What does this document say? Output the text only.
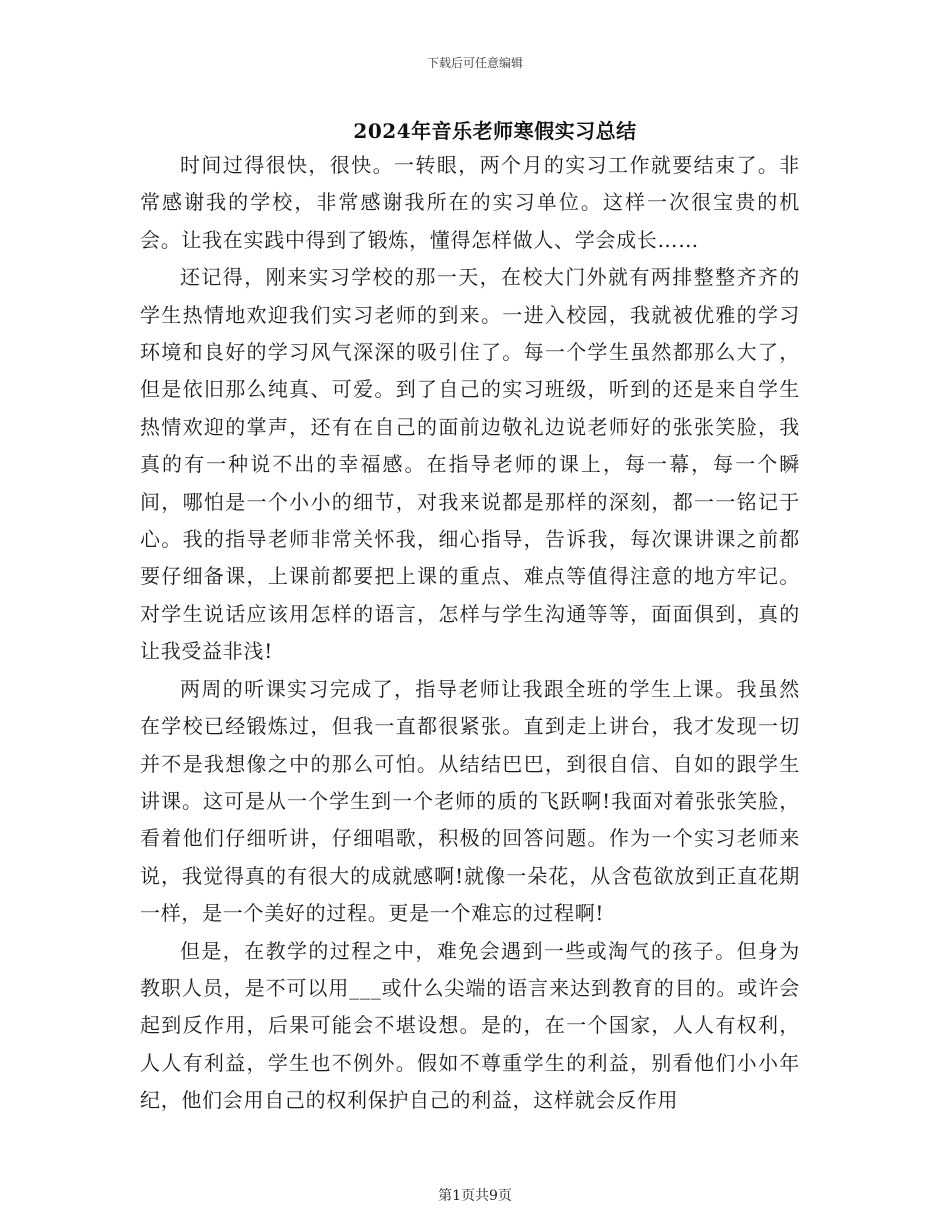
下载后可任意编辑
2024年音乐老师寒假实习总结

时间过得很快，很快。一转眼，两个月的实习工作就要结束了。非常感谢我的学校，非常感谢我所在的实习单位。这样一次很宝贵的机会。让我在实践中得到了锻炼，懂得怎样做人、学会成长……

还记得，刚来实习学校的那一天，在校大门外就有两排整整齐齐的学生热情地欢迎我们实习老师的到来。一进入校园，我就被优雅的学习环境和良好的学习风气深深的吸引住了。每一个学生虽然都那么大了，但是依旧那么纯真、可爱。到了自己的实习班级，听到的还是来自学生热情欢迎的掌声，还有在自己的面前边敬礼边说老师好的张张笑脸，我真的有一种说不出的幸福感。在指导老师的课上，每一幕，每一个瞬间，哪怕是一个小小的细节，对我来说都是那样的深刻，都一一铭记于心。我的指导老师非常关怀我，细心指导，告诉我，每次课讲课之前都要仔细备课，上课前都要把上课的重点、难点等值得注意的地方牢记。对学生说话应该用怎样的语言，怎样与学生沟通等等，面面俱到，真的让我受益非浅!

两周的听课实习完成了，指导老师让我跟全班的学生上课。我虽然在学校已经锻炼过，但我一直都很紧张。直到走上讲台，我才发现一切并不是我想像之中的那么可怕。从结结巴巴，到很自信、自如的跟学生讲课。这可是从一个学生到一个老师的质的飞跃啊!我面对着张张笑脸，看着他们仔细听讲，仔细唱歌，积极的回答问题。作为一个实习老师来说，我觉得真的有很大的成就感啊!就像一朵花，从含苞欲放到正直花期一样，是一个美好的过程。更是一个难忘的过程啊!

但是，在教学的过程之中，难免会遇到一些或淘气的孩子。但身为教职人员，是不可以用___或什么尖端的语言来达到教育的目的。或许会起到反作用，后果可能会不堪设想。是的，在一个国家，人人有权利，人人有利益，学生也不例外。假如不尊重学生的利益，别看他们小小年纪，他们会用自己的权利保护自己的利益，这样就会反作用

第1页共9页
